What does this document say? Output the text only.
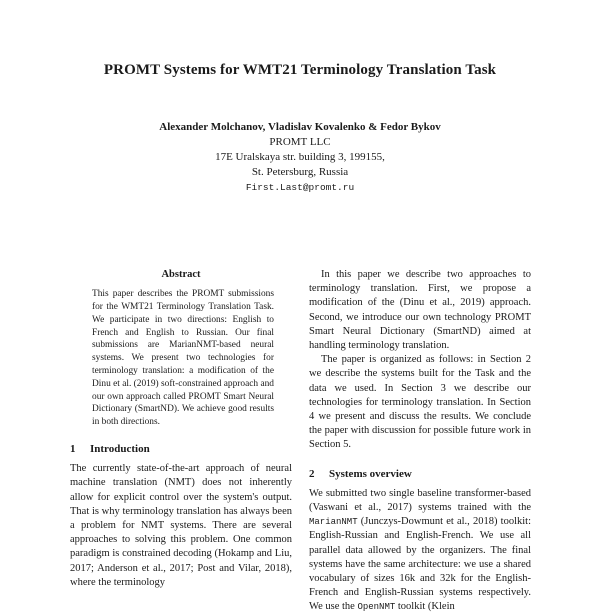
PROMT Systems for WMT21 Terminology Translation Task
Alexander Molchanov, Vladislav Kovalenko & Fedor Bykov
PROMT LLC
17E Uralskaya str. building 3, 199155,
St. Petersburg, Russia
First.Last@promt.ru
Abstract

This paper describes the PROMT submissions for the WMT21 Terminology Translation Task. We participate in two directions: English to French and English to Russian. Our final submissions are MarianNMT-based neural systems. We present two technologies for terminology translation: a modification of the Dinu et al. (2019) soft-constrained approach and our own approach called PROMT Smart Neural Dictionary (SmartND). We achieve good results in both directions.

1 Introduction

The currently state-of-the-art approach of neural machine translation (NMT) does not inherently allow for explicit control over the system's output. That is why terminology translation has always been a problem for NMT systems. There are several approaches to solving this problem. One common paradigm is constrained decoding (Hokamp and Liu, 2017; Anderson et al., 2017; Post and Vilar, 2018), where the terminology

In this paper we describe two approaches to terminology translation. First, we propose a modification of the (Dinu et al., 2019) approach. Second, we introduce our own technology PROMT Smart Neural Dictionary (SmartND) aimed at handling terminology translation.

The paper is organized as follows: in Section 2 we describe the systems built for the Task and the data we used. In Section 3 we describe our technologies for terminology translation. In Section 4 we present and discuss the results. We conclude the paper with discussion for possible future work in Section 5.

2 Systems overview

We submitted two single baseline transformer-based (Vaswani et al., 2017) systems trained with the MarianNMT (Junczys-Dowmunt et al., 2018) toolkit: English-Russian and English-French. We use all parallel data allowed by the organizers. The final systems have the same architecture: we use a shared vocabulary of sizes 16k and 32k for the English-French and English-Russian systems respectively. We use the OpenNMT toolkit (Klein
